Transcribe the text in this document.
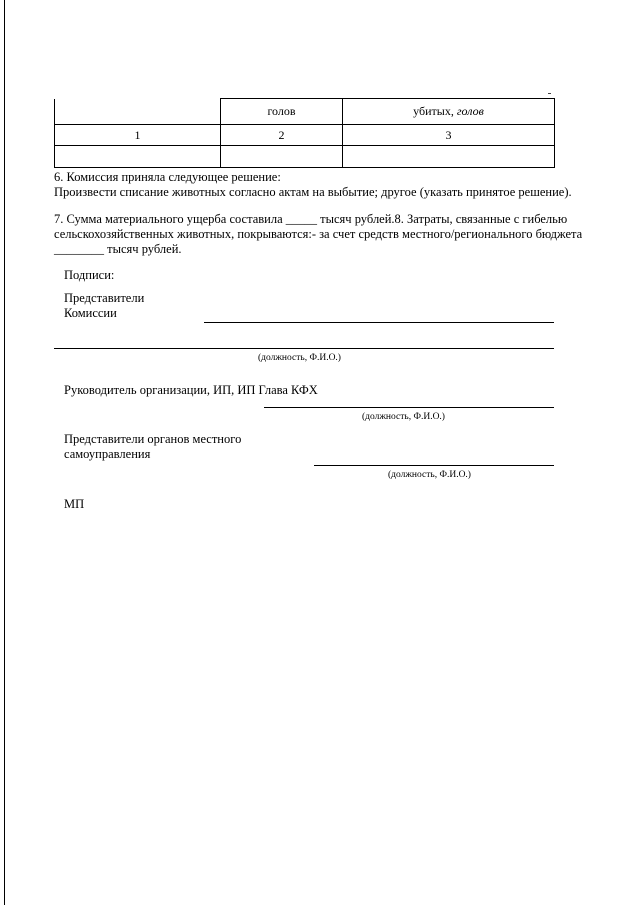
	голов	убитых, голов
1	2	3

6. Комиссия приняла следующее решение:
Произвести списание животных согласно актам на выбытие; другое (указать принятое решение).
7. Сумма материального ущерба составила _____ тысяч рублей.8. Затраты, связанные с гибелью
сельскохозяйственных животных, покрываются:- за счет средств местного/регионального бюджета
________ тысяч рублей.
Подписи:
Представители
Комиссии
(должность, Ф.И.О.)
Руководитель организации, ИП, ИП Глава КФХ
(должность, Ф.И.О.)
Представители органов местного
самоуправления
(должность, Ф.И.О.)
МП
